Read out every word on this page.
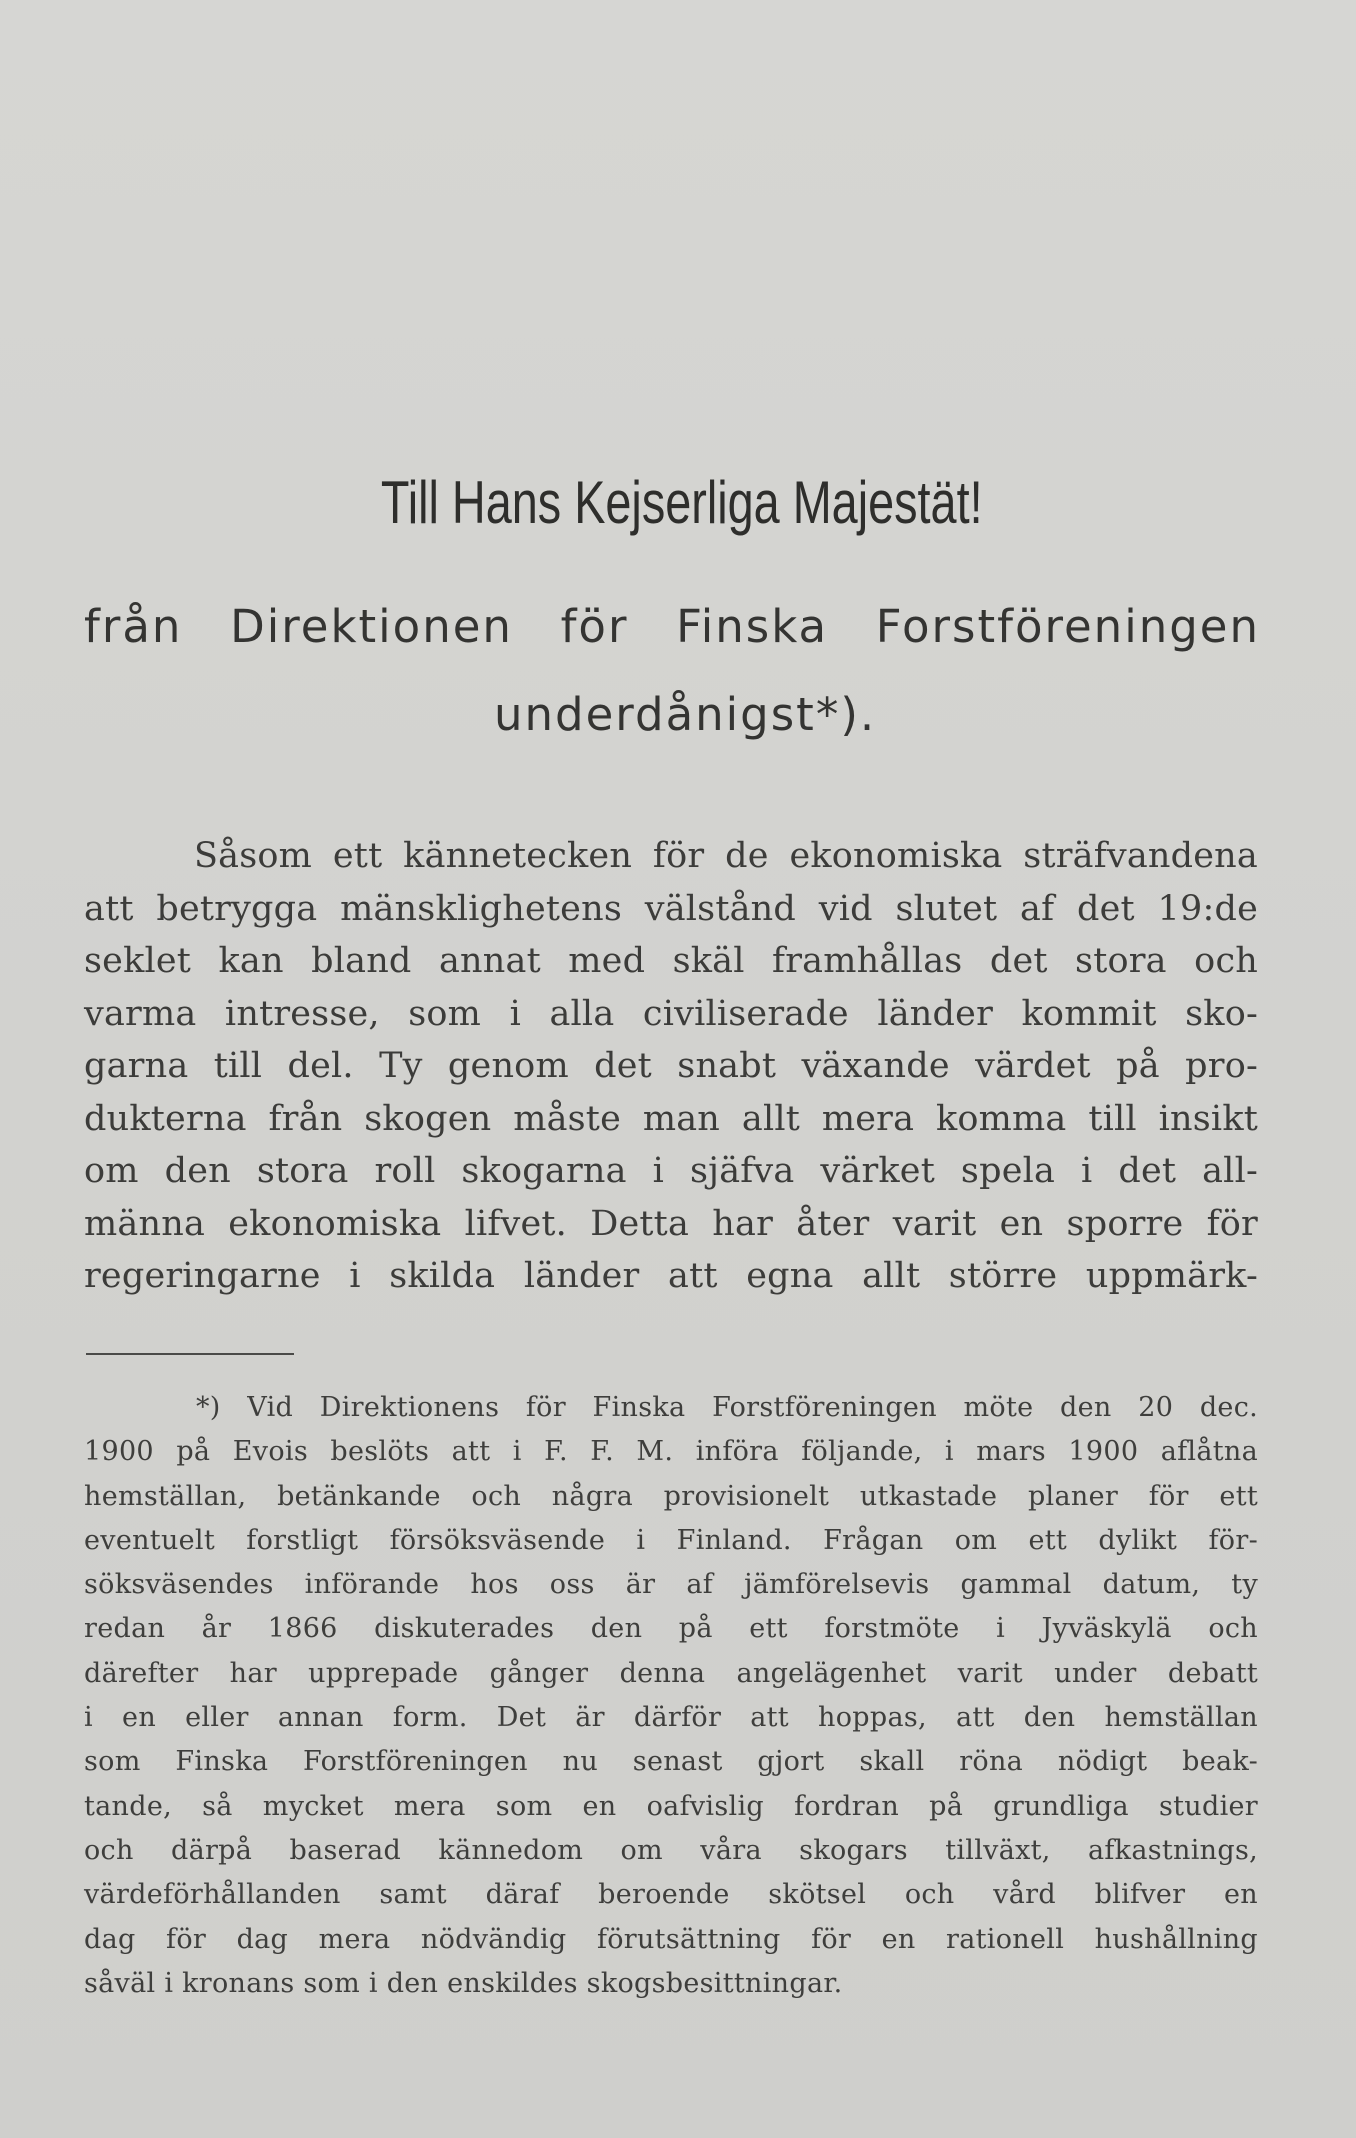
Till Hans Kejserliga Majestät!
från Direktionen för Finska Forstföreningen
underdånigst*).
Såsom ett kännetecken för de ekonomiska sträfvandena
att betrygga mänsklighetens välstånd vid slutet af det 19:de
seklet kan bland annat med skäl framhållas det stora och
varma intresse, som i alla civiliserade länder kommit sko-
garna till del. Ty genom det snabt växande värdet på pro-
dukterna från skogen måste man allt mera komma till insikt
om den stora roll skogarna i sjäfva värket spela i det all-
männa ekonomiska lifvet. Detta har åter varit en sporre för
regeringarne i skilda länder att egna allt större uppmärk-
*) Vid Direktionens för Finska Forstföreningen möte den 20 dec.
1900 på Evois beslöts att i F. F. M. införa följande, i mars 1900 aflåtna
hemställan, betänkande och några provisionelt utkastade planer för ett
eventuelt forstligt försöksväsende i Finland. Frågan om ett dylikt för-
söksväsendes införande hos oss är af jämförelsevis gammal datum, ty
redan år 1866 diskuterades den på ett forstmöte i Jyväskylä och
därefter har upprepade gånger denna angelägenhet varit under debatt
i en eller annan form. Det är därför att hoppas, att den hemställan
som Finska Forstföreningen nu senast gjort skall röna nödigt beak-
tande, så mycket mera som en oafvislig fordran på grundliga studier
och därpå baserad kännedom om våra skogars tillväxt, afkastnings,
värdeförhållanden samt däraf beroende skötsel och vård blifver en
dag för dag mera nödvändig förutsättning för en rationell hushållning
såväl i kronans som i den enskildes skogsbesittningar.
